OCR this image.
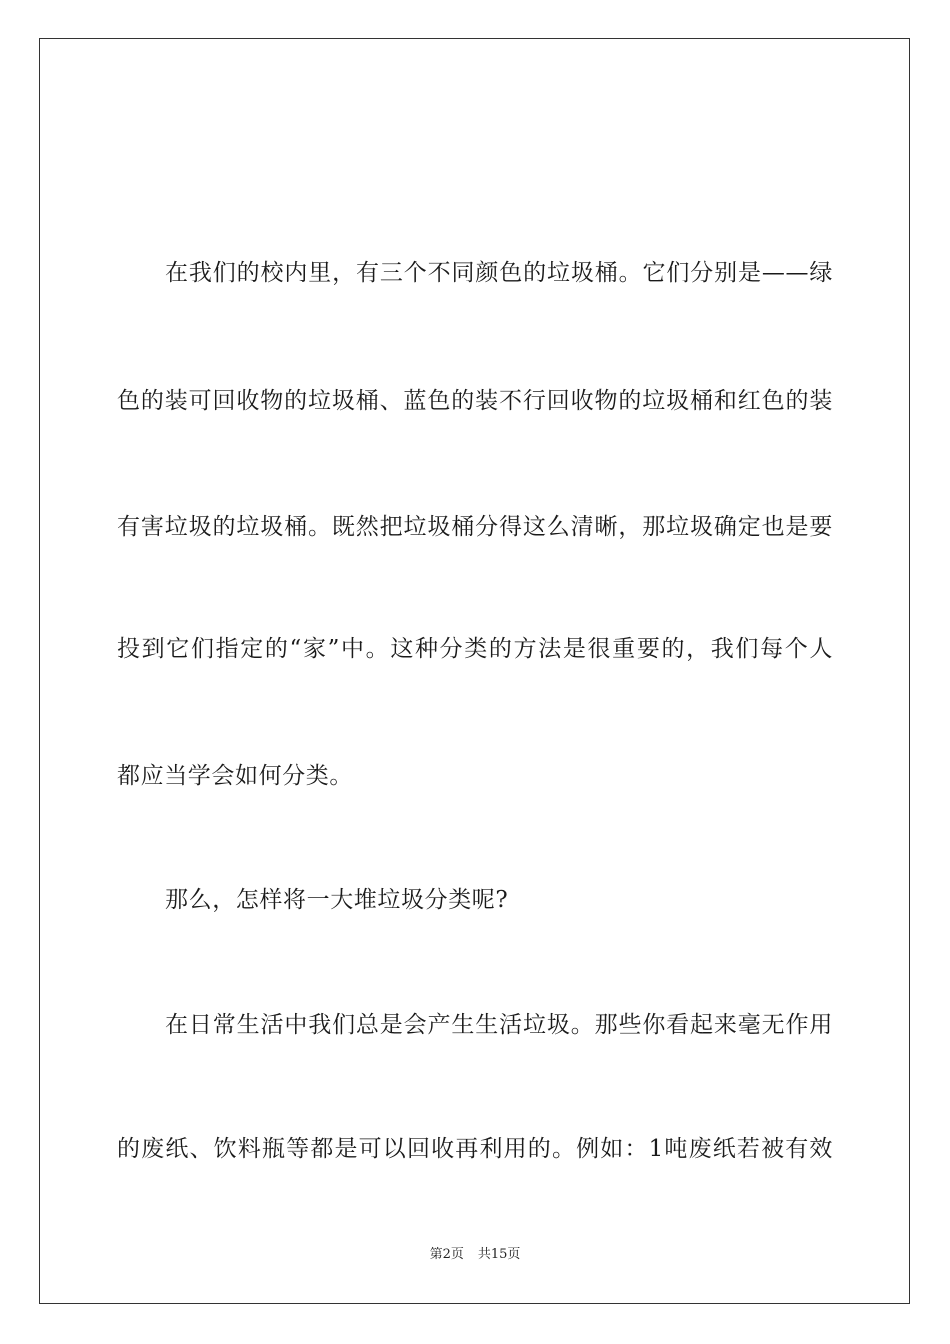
在我们的校内里，有三个不同颜色的垃圾桶。它们分别是——绿
色的装可回收物的垃圾桶、蓝色的装不行回收物的垃圾桶和红色的装
有害垃圾的垃圾桶。既然把垃圾桶分得这么清晰，那垃圾确定也是要
投到它们指定的“家”中。这种分类的方法是很重要的，我们每个人
都应当学会如何分类。
那么，怎样将一大堆垃圾分类呢?
在日常生活中我们总是会产生生活垃圾。那些你看起来毫无作用
的废纸、饮料瓶等都是可以回收再利用的。例如：1吨废纸若被有效
第2页 共15页
